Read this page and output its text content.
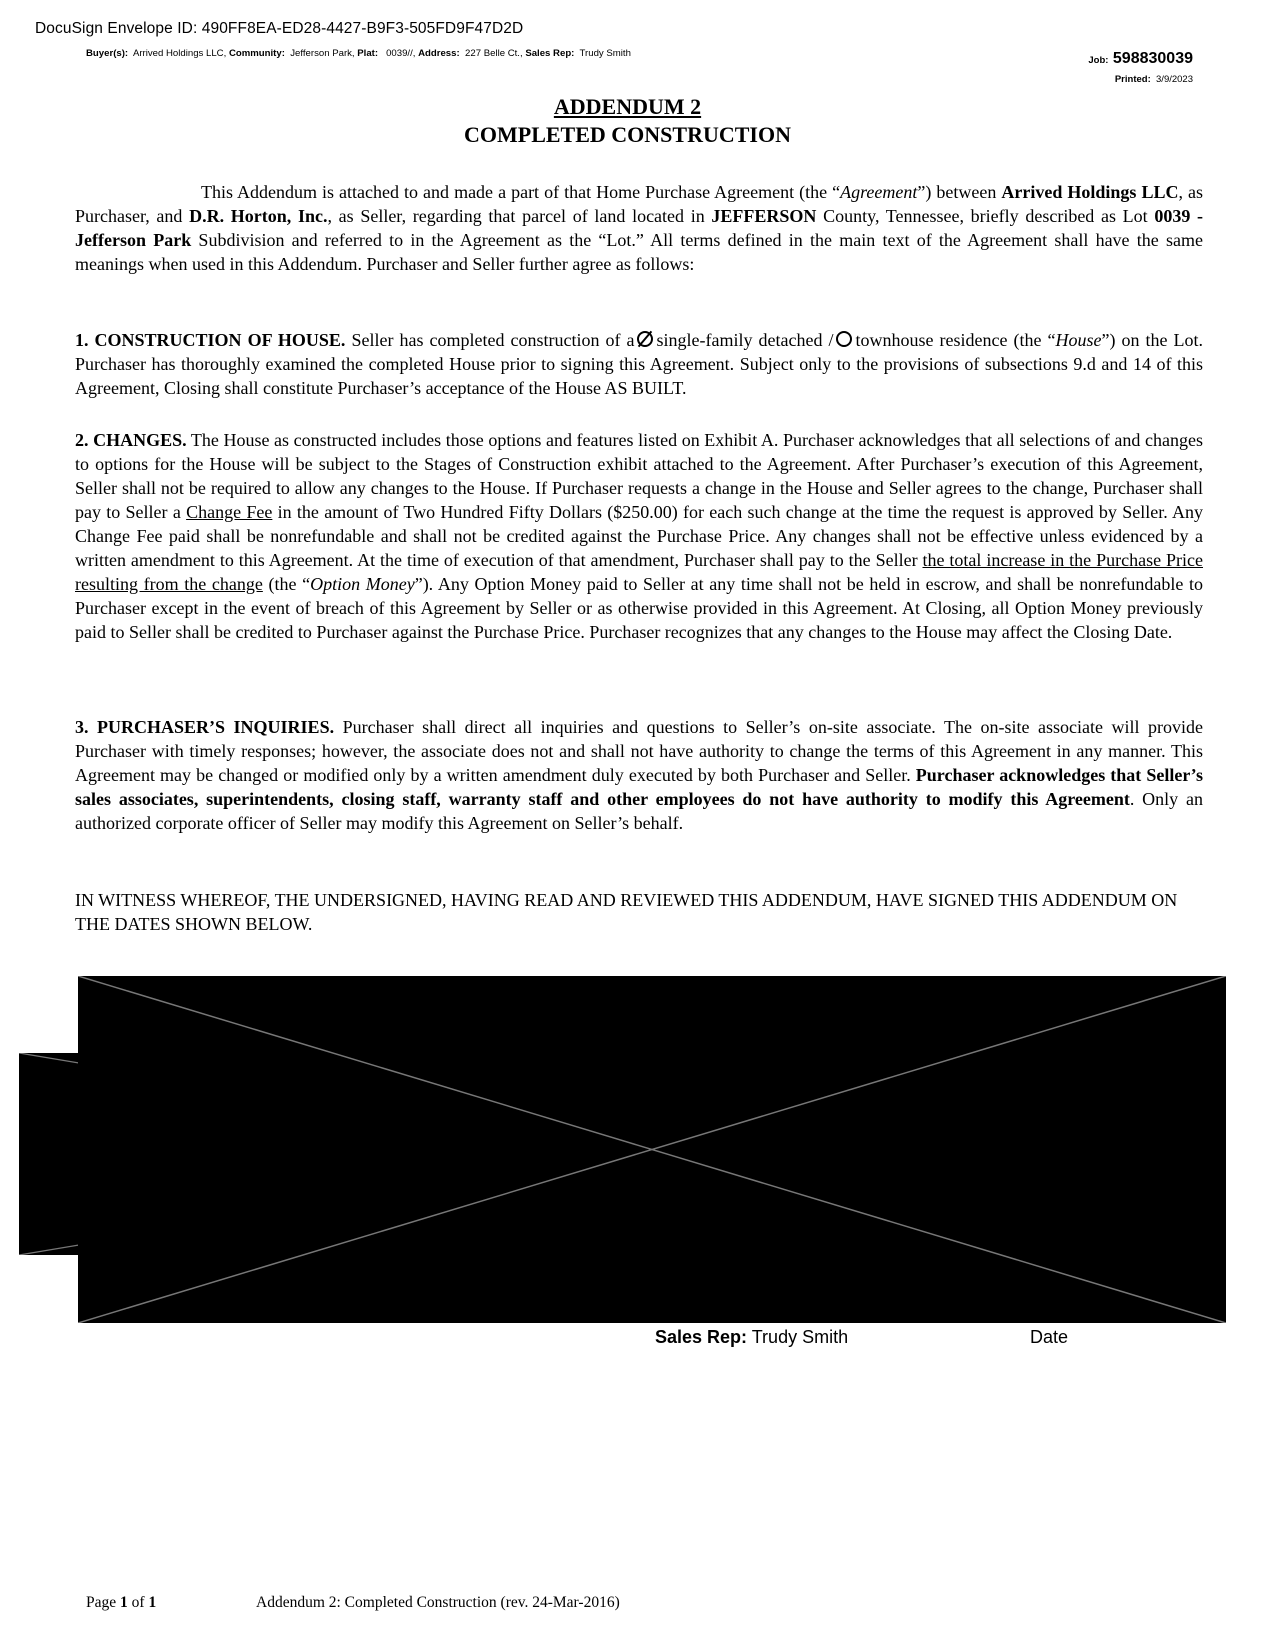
DocuSign Envelope ID: 490FF8EA-ED28-4427-B9F3-505FD9F47D2D
Buyer(s): Arrived Holdings LLC, Community: Jefferson Park, Plat: 0039//, Address: 227 Belle Ct., Sales Rep: Trudy Smith
Job: 598830039
Printed: 3/9/2023
ADDENDUM 2
COMPLETED CONSTRUCTION
This Addendum is attached to and made a part of that Home Purchase Agreement (the “Agreement”) between Arrived Holdings LLC, as Purchaser, and D.R. Horton, Inc., as Seller, regarding that parcel of land located in JEFFERSON County, Tennessee, briefly described as Lot 0039 - Jefferson Park Subdivision and referred to in the Agreement as the “Lot.” All terms defined in the main text of the Agreement shall have the same meanings when used in this Addendum. Purchaser and Seller further agree as follows:
1. CONSTRUCTION OF HOUSE. Seller has completed construction of a single-family detached / townhouse residence (the “House”) on the Lot. Purchaser has thoroughly examined the completed House prior to signing this Agreement. Subject only to the provisions of subsections 9.d and 14 of this Agreement, Closing shall constitute Purchaser’s acceptance of the House AS BUILT.
2. CHANGES. The House as constructed includes those options and features listed on Exhibit A. Purchaser acknowledges that all selections of and changes to options for the House will be subject to the Stages of Construction exhibit attached to the Agreement. After Purchaser’s execution of this Agreement, Seller shall not be required to allow any changes to the House. If Purchaser requests a change in the House and Seller agrees to the change, Purchaser shall pay to Seller a Change Fee in the amount of Two Hundred Fifty Dollars ($250.00) for each such change at the time the request is approved by Seller. Any Change Fee paid shall be nonrefundable and shall not be credited against the Purchase Price. Any changes shall not be effective unless evidenced by a written amendment to this Agreement. At the time of execution of that amendment, Purchaser shall pay to the Seller the total increase in the Purchase Price resulting from the change (the “Option Money”). Any Option Money paid to Seller at any time shall not be held in escrow, and shall be nonrefundable to Purchaser except in the event of breach of this Agreement by Seller or as otherwise provided in this Agreement. At Closing, all Option Money previously paid to Seller shall be credited to Purchaser against the Purchase Price. Purchaser recognizes that any changes to the House may affect the Closing Date.
3. PURCHASER’S INQUIRIES. Purchaser shall direct all inquiries and questions to Seller’s on-site associate. The on-site associate will provide Purchaser with timely responses; however, the associate does not and shall not have authority to change the terms of this Agreement in any manner. This Agreement may be changed or modified only by a written amendment duly executed by both Purchaser and Seller. Purchaser acknowledges that Seller’s sales associates, superintendents, closing staff, warranty staff and other employees do not have authority to modify this Agreement. Only an authorized corporate officer of Seller may modify this Agreement on Seller’s behalf.
IN WITNESS WHEREOF, THE UNDERSIGNED, HAVING READ AND REVIEWED THIS ADDENDUM, HAVE SIGNED THIS ADDENDUM ON THE DATES SHOWN BELOW.
Sales Rep: Trudy Smith	Date
Page 1 of 1	Addendum 2: Completed Construction (rev. 24-Mar-2016)
